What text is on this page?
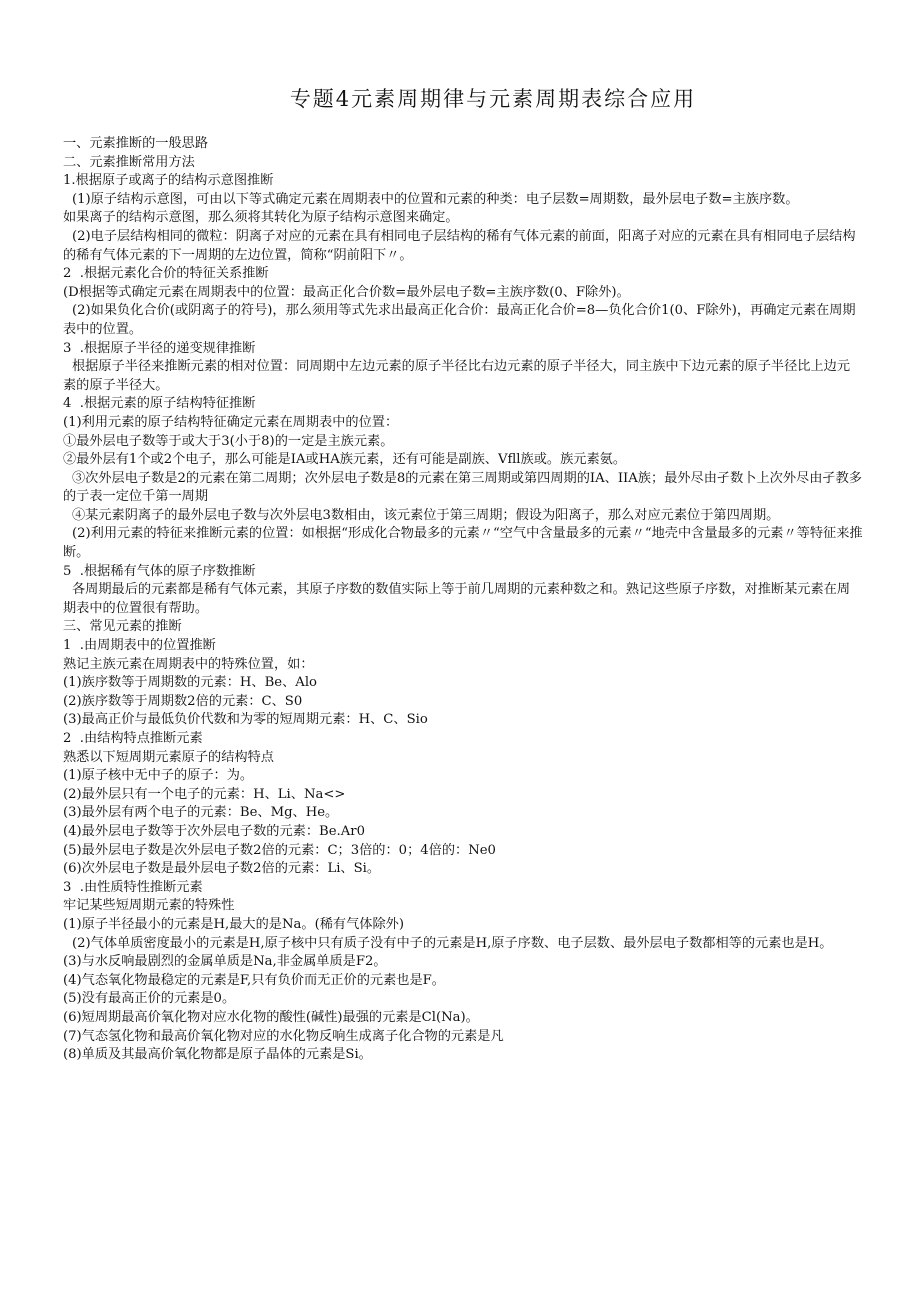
专题4元素周期律与元素周期表综合应用

一、元素推断的一般思路

二、元素推断常用方法

1.根据原子或离子的结构示意图推断

(1)原子结构示意图，可由以下等式确定元素在周期表中的位置和元素的种类：电子层数=周期数，最外层电子数=主族序数。

如果离子的结构示意图，那么须将其转化为原子结构示意图来确定。

(2)电子层结构相同的微粒：阴离子对应的元素在具有相同电子层结构的稀有气体元素的前面，阳离子对应的元素在具有相同电子层结构的稀有气体元素的下一周期的左边位置，简称“阴前阳下〃。

2  .根据元素化合价的特征关系推断

(D根据等式确定元素在周期表中的位置：最高正化合价数=最外层电子数=主族序数(0、F除外)。

(2)如果负化合价(或阴离子的符号)，那么须用等式先求出最高正化合价：最高正化合价=8—负化合价1(0、F除外)，再确定元素在周期表中的位置。

3  .根据原子半径的递变规律推断

根据原子半径来推断元素的相对位置：同周期中左边元素的原子半径比右边元素的原子半径大，同主族中下边元素的原子半径比上边元素的原子半径大。

4  .根据元素的原子结构特征推断

(1)利用元素的原子结构特征确定元素在周期表中的位置：

①最外层电子数等于或大于3(小于8)的一定是主族元素。

②最外层有1个或2个电子，那么可能是IA或HA族元素，还有可能是副族、Vfll族或。族元素氨。

③次外层电子数是2的元素在第二周期；次外层电子数是8的元素在第三周期或第四周期的IA、IIA族；最外尽由孑数卜上次外尽由孑教多的亍表一定位千第一周期

④某元素阴离子的最外层电子数与次外层电3数相由，该元素位于第三周期；假设为阳离子，那么对应元素位于第四周期。

(2)利用元素的特征来推断元素的位置：如根据“形成化合物最多的元素〃“空气中含量最多的元素〃“地壳中含量最多的元素〃等特征来推断。

5  .根据稀有气体的原子序数推断

各周期最后的元素都是稀有气体元素，其原子序数的数值实际上等于前几周期的元素种数之和。熟记这些原子序数，对推断某元素在周期表中的位置很有帮助。

三、常见元素的推断

1  .由周期表中的位置推断

熟记主族元素在周期表中的特殊位置，如：

(1)族序数等于周期数的元素：H、Be、Alo

(2)族序数等于周期数2倍的元素：C、S0

(3)最高正价与最低负价代数和为零的短周期元素：H、C、Sio

2  .由结构特点推断元素

熟悉以下短周期元素原子的结构特点

(1)原子核中无中子的原子：为。

(2)最外层只有一个电子的元素：H、Li、Na<>

(3)最外层有两个电子的元素：Be、Mg、He。

(4)最外层电子数等于次外层电子数的元素：Be.Ar0

(5)最外层电子数是次外层电子数2倍的元素：C；3倍的：0；4倍的：Ne0

(6)次外层电子数是最外层电子数2倍的元素：Li、Si。

3  .由性质特性推断元素

牢记某些短周期元素的特殊性

(1)原子半径最小的元素是H,最大的是Na。(稀有气体除外)

(2)气体单质密度最小的元素是H,原子核中只有质子没有中子的元素是H,原子序数、电子层数、最外层电子数都相等的元素也是H。

(3)与水反响最剧烈的金属单质是Na,非金属单质是F2。

(4)气态氧化物最稳定的元素是F,只有负价而无正价的元素也是F。

(5)没有最高正价的元素是0。

(6)短周期最高价氧化物对应水化物的酸性(碱性)最强的元素是Cl(Na)。

(7)气态氢化物和最高价氧化物对应的水化物反响生成离子化合物的元素是凡

(8)单质及其最高价氧化物都是原子晶体的元素是Si。
